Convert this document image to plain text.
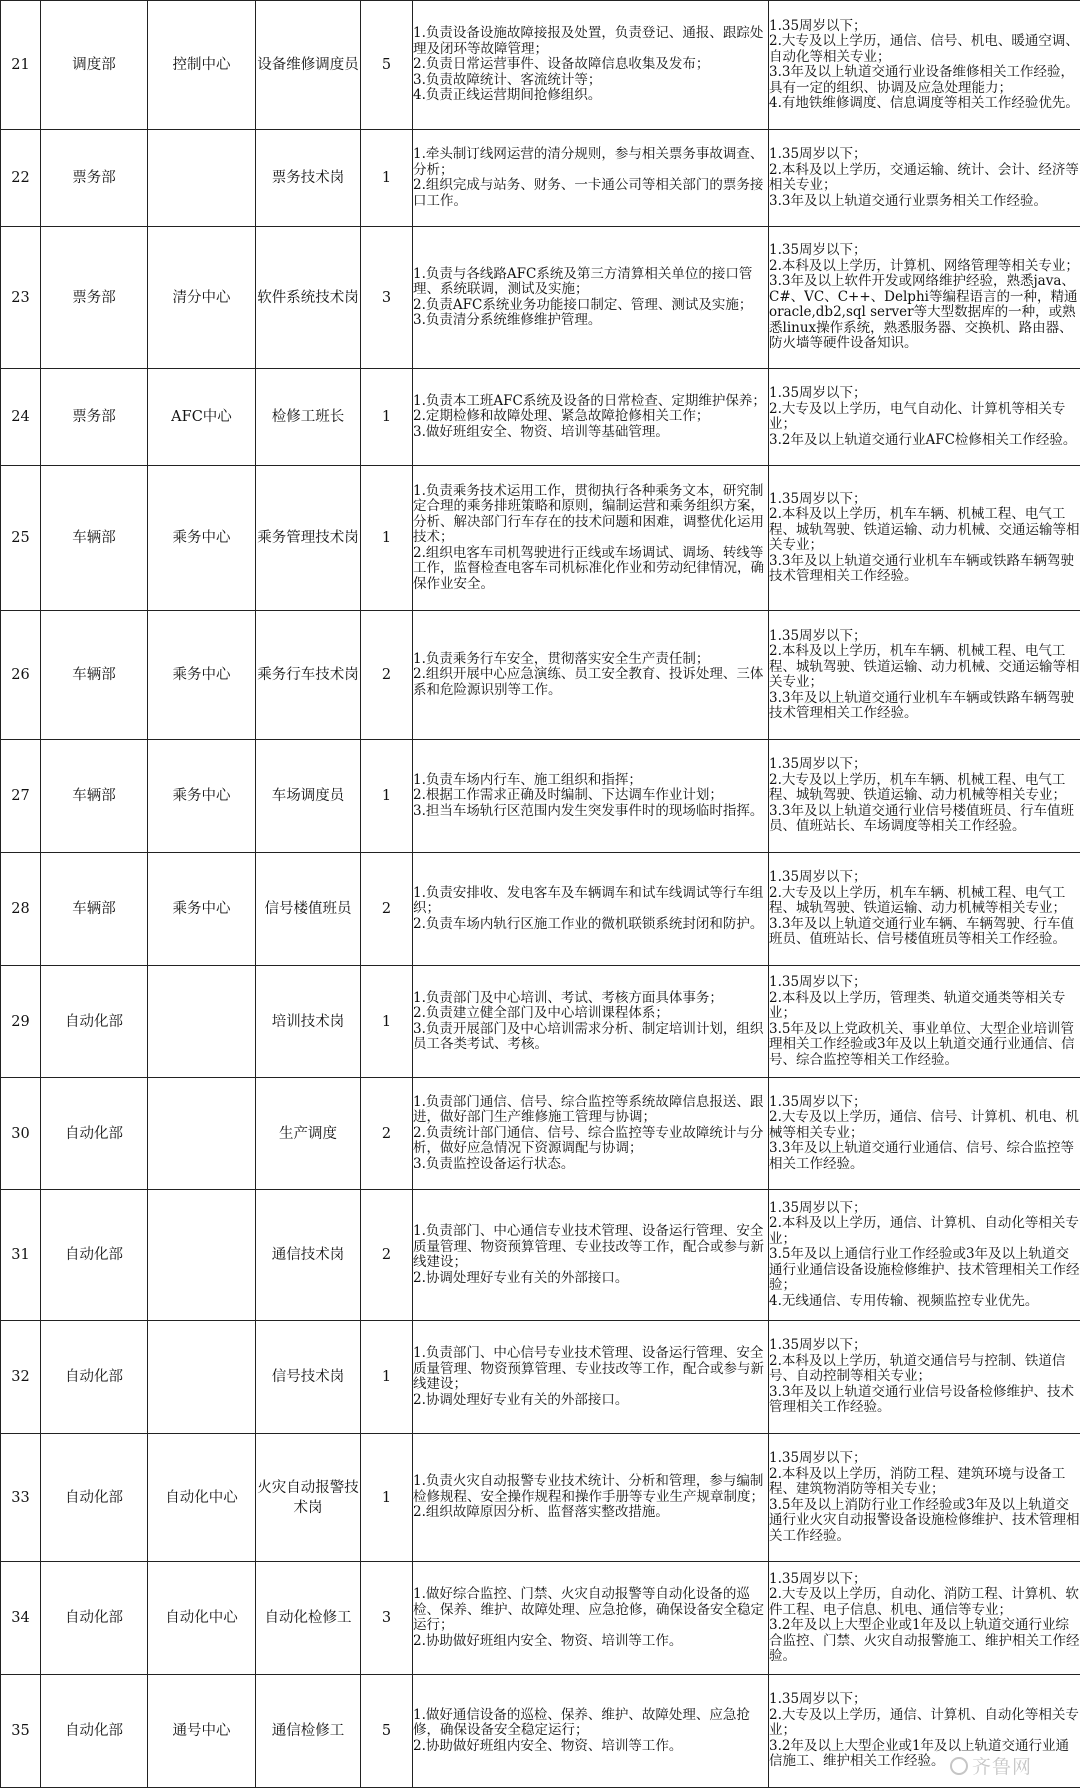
21	调度部	控制中心	设备维修调度员	5	1.负责设备设施故障接报及处置，负责登记、通报、跟踪处理及闭环等故障管理；
2.负责日常运营事件、设备故障信息收集及发布；
3.负责故障统计、客流统计等；
4.负责正线运营期间抢修组织。	1.35周岁以下；
2.大专及以上学历，通信、信号、机电、暖通空调、自动化等相关专业；
3.3年及以上轨道交通行业设备维修相关工作经验，具有一定的组织、协调及应急处理能力；
4.有地铁维修调度、信息调度等相关工作经验优先。
22	票务部		票务技术岗	1	1.牵头制订线网运营的清分规则，参与相关票务事故调查、分析；
2.组织完成与站务、财务、一卡通公司等相关部门的票务接口工作。	1.35周岁以下；
2.本科及以上学历，交通运输、统计、会计、经济等相关专业；
3.3年及以上轨道交通行业票务相关工作经验。
23	票务部	清分中心	软件系统技术岗	3	1.负责与各线路AFC系统及第三方清算相关单位的接口管理、系统联调，测试及实施；
2.负责AFC系统业务功能接口制定、管理、测试及实施；
3.负责清分系统维修维护管理。	1.35周岁以下；
2.本科及以上学历，计算机、网络管理等相关专业；
3.3年及以上软件开发或网络维护经验，熟悉java、C#、VC、C++、Delphi等编程语言的一种，精通oracle,db2,sql server等大型数据库的一种，或熟悉linux操作系统，熟悉服务器、交换机、路由器、防火墙等硬件设备知识。
24	票务部	AFC中心	检修工班长	1	1.负责本工班AFC系统及设备的日常检查、定期维护保养；
2.定期检修和故障处理、紧急故障抢修相关工作；
3.做好班组安全、物资、培训等基础管理。	1.35周岁以下；
2.大专及以上学历，电气自动化、计算机等相关专业；
3.2年及以上轨道交通行业AFC检修相关工作经验。
25	车辆部	乘务中心	乘务管理技术岗	1	1.负责乘务技术运用工作，贯彻执行各种乘务文本，研究制定合理的乘务排班策略和原则，编制运营和乘务组织方案，分析、解决部门行车存在的技术问题和困难，调整优化运用技术；
2.组织电客车司机驾驶进行正线或车场调试、调场、转线等工作，监督检查电客车司机标准化作业和劳动纪律情况，确保作业安全。	1.35周岁以下；
2.本科及以上学历，机车车辆、机械工程、电气工程、城轨驾驶、铁道运输、动力机械、交通运输等相关专业；
3.3年及以上轨道交通行业机车车辆或铁路车辆驾驶技术管理相关工作经验。
26	车辆部	乘务中心	乘务行车技术岗	2	1.负责乘务行车安全，贯彻落实安全生产责任制；
2.组织开展中心应急演练、员工安全教育、投诉处理、三体系和危险源识别等工作。	1.35周岁以下；
2.本科及以上学历，机车车辆、机械工程、电气工程、城轨驾驶、铁道运输、动力机械、交通运输等相关专业；
3.3年及以上轨道交通行业机车车辆或铁路车辆驾驶技术管理相关工作经验。
27	车辆部	乘务中心	车场调度员	1	1.负责车场内行车、施工组织和指挥；
2.根据工作需求正确及时编制、下达调车作业计划；
3.担当车场轨行区范围内发生突发事件时的现场临时指挥。	1.35周岁以下；
2.大专及以上学历，机车车辆、机械工程、电气工程、城轨驾驶、铁道运输、动力机械等相关专业；
3.3年及以上轨道交通行业信号楼值班员、行车值班员、值班站长、车场调度等相关工作经验。
28	车辆部	乘务中心	信号楼值班员	2	1.负责安排收、发电客车及车辆调车和试车线调试等行车组织；
2.负责车场内轨行区施工作业的微机联锁系统封闭和防护。	1.35周岁以下；
2.大专及以上学历，机车车辆、机械工程、电气工程、城轨驾驶、铁道运输、动力机械等相关专业；
3.3年及以上轨道交通行业车辆、车辆驾驶、行车值班员、值班站长、信号楼值班员等相关工作经验。
29	自动化部		培训技术岗	1	1.负责部门及中心培训、考试、考核方面具体事务；
2.负责建立健全部门及中心培训课程体系；
3.负责开展部门及中心培训需求分析、制定培训计划，组织员工各类考试、考核。	1.35周岁以下；
2.本科及以上学历，管理类、轨道交通类等相关专业；
3.5年及以上党政机关、事业单位、大型企业培训管理相关工作经验或3年及以上轨道交通行业通信、信号、综合监控等相关工作经验。
30	自动化部		生产调度	2	1.负责部门通信、信号、综合监控等系统故障信息报送、跟进，做好部门生产维修施工管理与协调；
2.负责统计部门通信、信号、综合监控等专业故障统计与分析，做好应急情况下资源调配与协调；
3.负责监控设备运行状态。	1.35周岁以下；
2.大专及以上学历，通信、信号、计算机、机电、机械等相关专业；
3.3年及以上轨道交通行业通信、信号、综合监控等相关工作经验。
31	自动化部		通信技术岗	2	1.负责部门、中心通信专业技术管理、设备运行管理、安全质量管理、物资预算管理、专业技改等工作，配合或参与新线建设；
2.协调处理好专业有关的外部接口。	1.35周岁以下；
2.本科及以上学历，通信、计算机、自动化等相关专业；
3.5年及以上通信行业工作经验或3年及以上轨道交通行业通信设备设施检修维护、技术管理相关工作经验；
4.无线通信、专用传输、视频监控专业优先。
32	自动化部		信号技术岗	1	1.负责部门、中心信号专业技术管理、设备运行管理、安全质量管理、物资预算管理、专业技改等工作，配合或参与新线建设；
2.协调处理好专业有关的外部接口。	1.35周岁以下；
2.本科及以上学历，轨道交通信号与控制、铁道信号、自动控制等相关专业；
3.3年及以上轨道交通行业信号设备检修维护、技术管理相关工作经验。
33	自动化部	自动化中心	火灾自动报警技术岗	1	1.负责火灾自动报警专业技术统计、分析和管理，参与编制检修规程、安全操作规程和操作手册等专业生产规章制度；
2.组织故障原因分析、监督落实整改措施。	1.35周岁以下；
2.本科及以上学历，消防工程、建筑环境与设备工程、建筑物消防等相关专业；
3.5年及以上消防行业工作经验或3年及以上轨道交通行业火灾自动报警设备设施检修维护、技术管理相关工作经验。
34	自动化部	自动化中心	自动化检修工	3	1.做好综合监控、门禁、火灾自动报警等自动化设备的巡检、保养、维护、故障处理、应急抢修，确保设备安全稳定运行；
2.协助做好班组内安全、物资、培训等工作。	1.35周岁以下；
2.大专及以上学历，自动化、消防工程、计算机、软件工程、电子信息、机电、通信等专业；
3.2年及以上大型企业或1年及以上轨道交通行业综合监控、门禁、火灾自动报警施工、维护相关工作经验。
35	自动化部	通号中心	通信检修工	5	1.做好通信设备的巡检、保养、维护、故障处理、应急抢修，确保设备安全稳定运行；
2.协助做好班组内安全、物资、培训等工作。	1.35周岁以下；
2.大专及以上学历，通信、计算机、自动化等相关专业；
3.2年及以上大型企业或1年及以上轨道交通行业通信施工、维护相关工作经验。	齐鲁网
